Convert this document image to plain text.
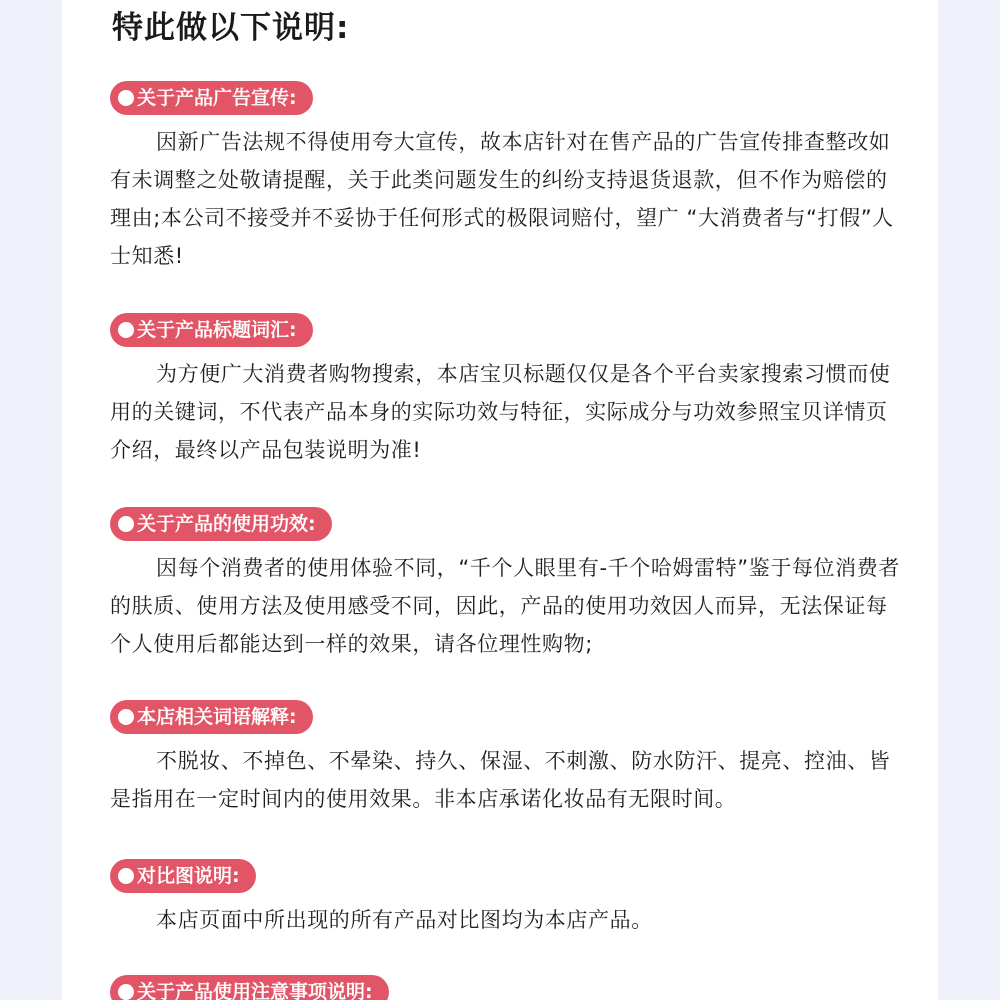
特此做以下说明:
关于产品广告宣传:
因新广告法规不得使用夸大宣传，故本店针对在售产品的广告宣传排查整改如有未调整之处敬请提醒，关于此类问题发生的纠纷支持退货退款，但不作为赔偿的理由;本公司不接受并不妥协于任何形式的极限词赔付，望广 “大消费者与“打假”人士知悉!
关于产品标题词汇:
为方便广大消费者购物搜索，本店宝贝标题仅仅是各个平台卖家搜索习惯而使用的关键词，不代表产品本身的实际功效与特征，实际成分与功效参照宝贝详情页介绍，最终以产品包装说明为准!
关于产品的使用功效:
因每个消费者的使用体验不同，“千个人眼里有-千个哈姆雷特”鉴于每位消费者的肤质、使用方法及使用感受不同，因此，产品的使用功效因人而异，无法保证每个人使用后都能达到一样的效果，请各位理性购物;
本店相关词语解释:
不脱妆、不掉色、不晕染、持久、保湿、不刺激、防水防汗、提亮、控油、皆是指用在一定时间内的使用效果。非本店承诺化妆品有无限时间。
对比图说明:
本店页面中所出现的所有产品对比图均为本店产品。
关于产品使用注意事项说明:
